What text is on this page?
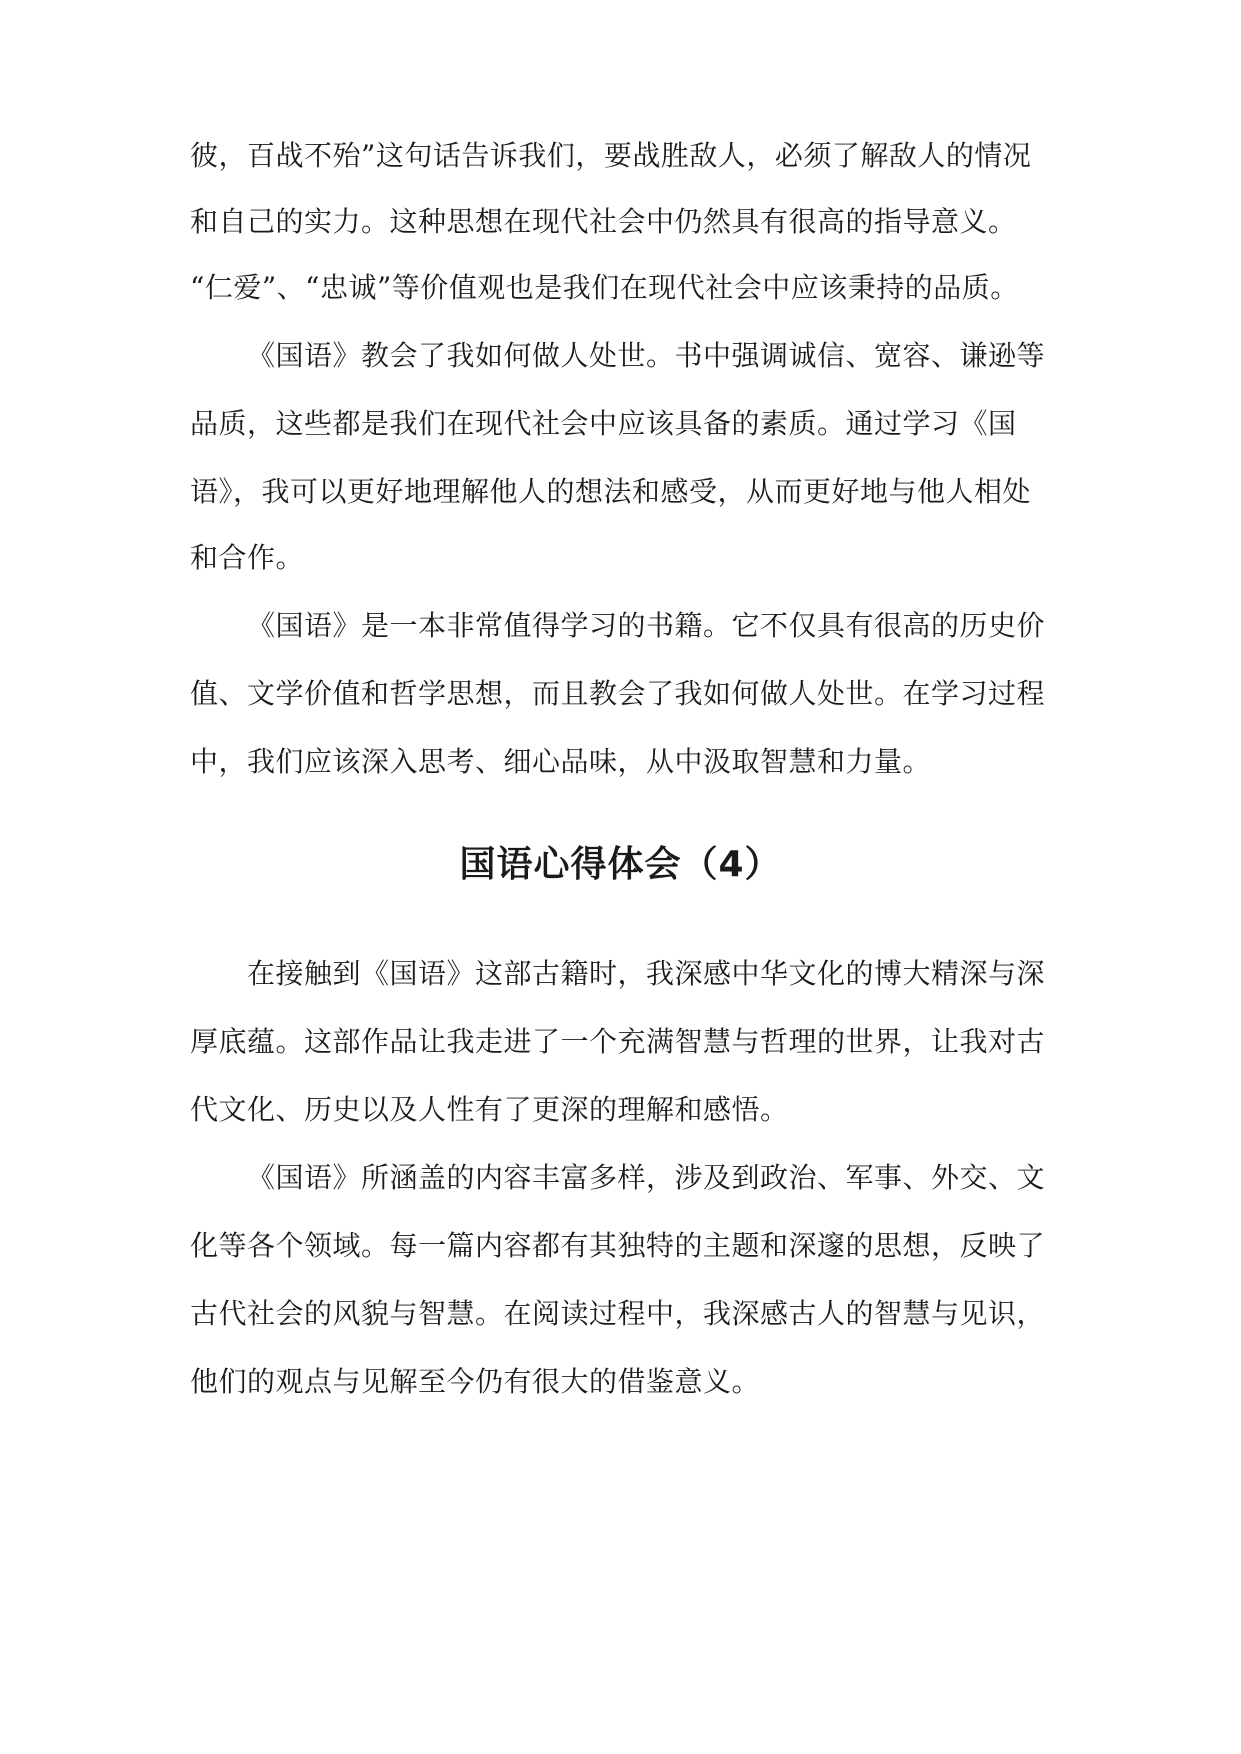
彼，百战不殆”这句话告诉我们，要战胜敌人，必须了解敌人的情况
和自己的实力。这种思想在现代社会中仍然具有很高的指导意义。
“仁爱”、“忠诚”等价值观也是我们在现代社会中应该秉持的品质。
《国语》教会了我如何做人处世。书中强调诚信、宽容、谦逊等
品质，这些都是我们在现代社会中应该具备的素质。通过学习《国
语》，我可以更好地理解他人的想法和感受，从而更好地与他人相处
和合作。
《国语》是一本非常值得学习的书籍。它不仅具有很高的历史价
值、文学价值和哲学思想，而且教会了我如何做人处世。在学习过程
中，我们应该深入思考、细心品味，从中汲取智慧和力量。
国语心得体会（4）
在接触到《国语》这部古籍时，我深感中华文化的博大精深与深
厚底蕴。这部作品让我走进了一个充满智慧与哲理的世界，让我对古
代文化、历史以及人性有了更深的理解和感悟。
《国语》所涵盖的内容丰富多样，涉及到政治、军事、外交、文
化等各个领域。每一篇内容都有其独特的主题和深邃的思想，反映了
古代社会的风貌与智慧。在阅读过程中，我深感古人的智慧与见识，
他们的观点与见解至今仍有很大的借鉴意义。
